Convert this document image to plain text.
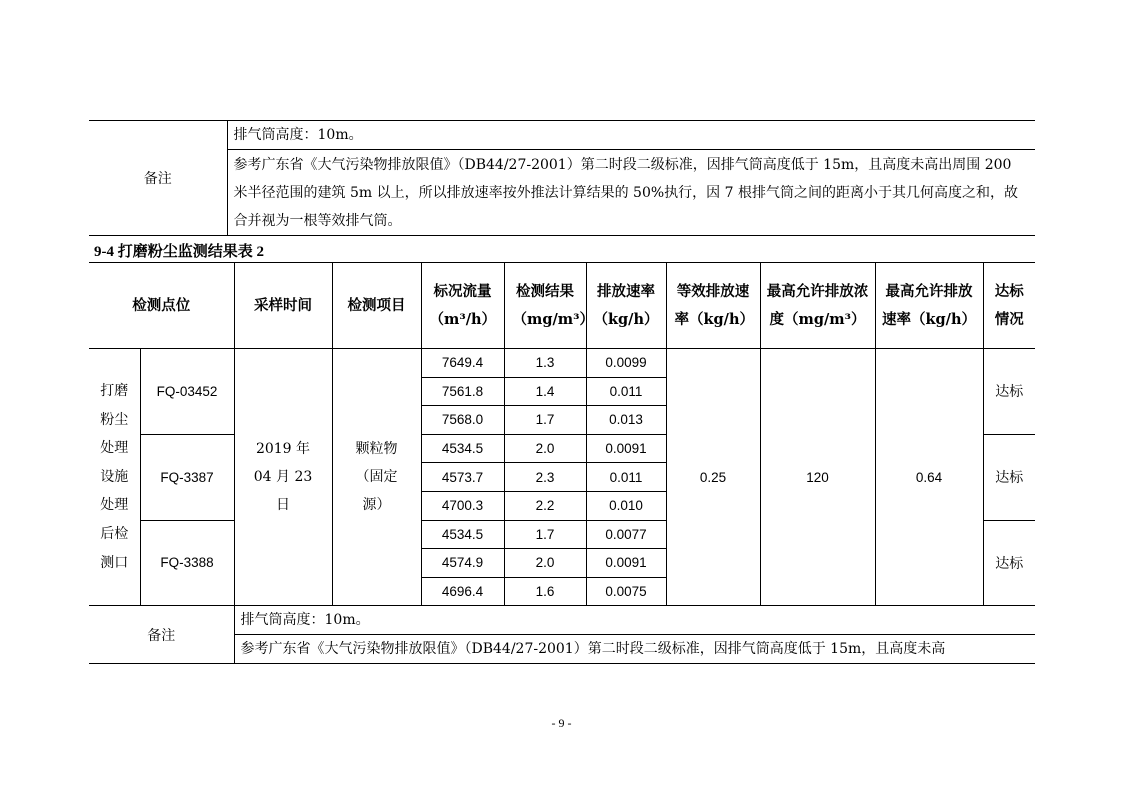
备注	排气筒高度：10m。
参考广东省《大气污染物排放限值》（DB44/27-2001）第二时段二级标准，因排气筒高度低于 15m，且高度未高出周围 200 米半径范围的建筑 5m 以上，所以排放速率按外推法计算结果的 50%执行，因 7 根排气筒之间的距离小于其几何高度之和，故合并视为一根等效排气筒。
9-4 打磨粉尘监测结果表 2
检测点位		采样时间	检测项目	标况流量（m³/h）	检测结果（mg/m³）	排放速率（kg/h）	等效排放速率（kg/h）	最高允许排放浓度（mg/m³）	最高允许排放速率（kg/h）	达标情况
打磨粉尘处理设施处理后检测口	FQ-03452	2019 年 04 月 23 日	颗粒物（固定源）	7649.4	1.3	0.0099	0.25	120	0.64	达标
				7561.8	1.4	0.011				
				7568.0	1.7	0.013				
	FQ-3387			4534.5	2.0	0.0091				达标
				4573.7	2.3	0.011				
				4700.3	2.2	0.010				
	FQ-3388			4534.5	1.7	0.0077				达标
				4574.9	2.0	0.0091				
				4696.4	1.6	0.0075				
备注		排气筒高度：10m。								
		参考广东省《大气污染物排放限值》（DB44/27-2001）第二时段二级标准，因排气筒高度低于 15m，且高度未高								
- 9 -
